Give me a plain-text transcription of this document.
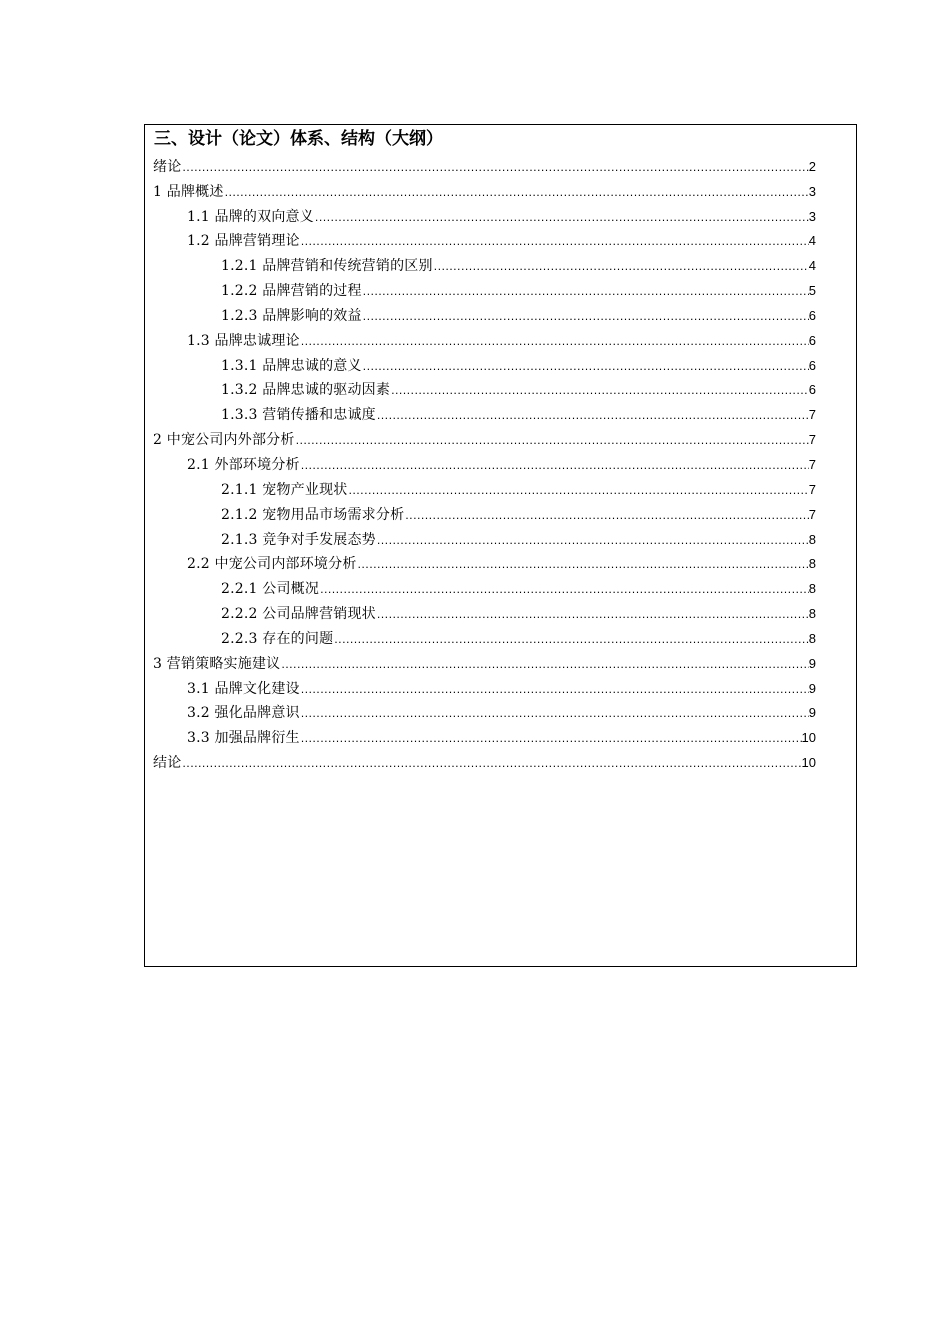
三、设计（论文）体系、结构（大纲）
绪论 .....	2
1 品牌概述 .....	3
1.1 品牌的双向意义 .....	3
1.2 品牌营销理论 .....	4
1.2.1 品牌营销和传统营销的区别 .....	4
1.2.2 品牌营销的过程 .....	5
1.2.3 品牌影响的效益 .....	6
1.3 品牌忠诚理论 .....	6
1.3.1 品牌忠诚的意义 .....	6
1.3.2 品牌忠诚的驱动因素 .....	6
1.3.3 营销传播和忠诚度 .....	7
2 中宠公司内外部分析 .....	7
2.1 外部环境分析 .....	7
2.1.1 宠物产业现状 .....	7
2.1.2 宠物用品市场需求分析 .....	7
2.1.3 竞争对手发展态势 .....	8
2.2 中宠公司内部环境分析 .....	8
2.2.1 公司概况 .....	8
2.2.2 公司品牌营销现状 .....	8
2.2.3 存在的问题 .....	8
3 营销策略实施建议 .....	9
3.1 品牌文化建设 .....	9
3.2 强化品牌意识 .....	9
3.3 加强品牌衍生 .....	10
结论 .....	10
